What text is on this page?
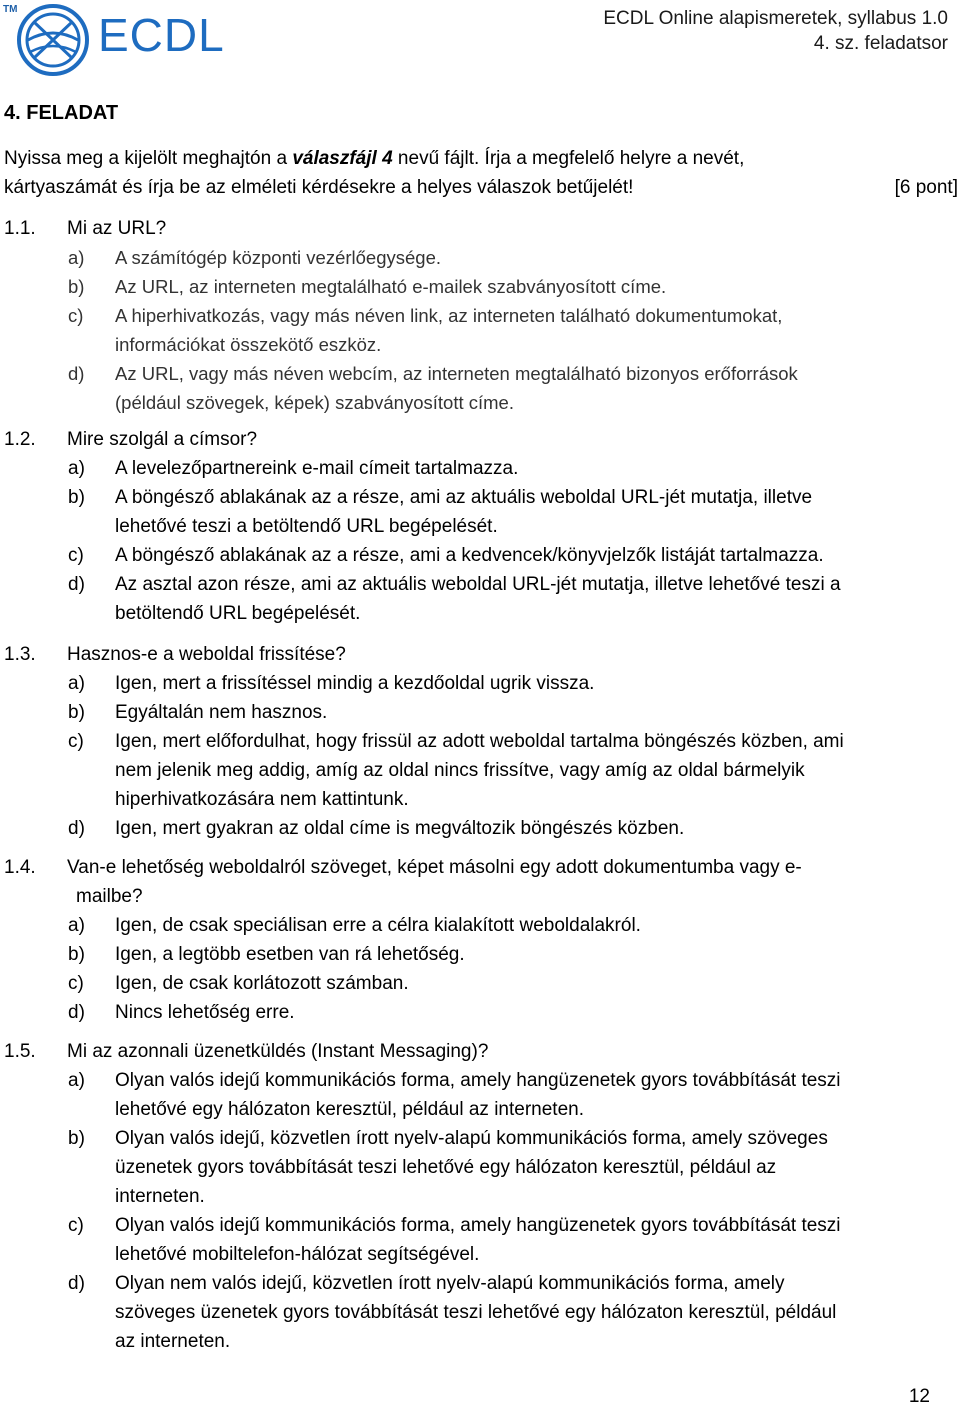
TM ECDL	ECDL Online alapismeretek, syllabus 1.0
4. sz. feladatsor
4. FELADAT
Nyissa meg a kijelölt meghajtón a válaszfájl 4 nevű fájlt. Írja a megfelelő helyre a nevét,
kártyaszámát és írja be az elméleti kérdésekre a helyes válaszok betűjelét!	[6 pont]
1.1.	Mi az URL?
a)	A számítógép központi vezérlőegysége.
b)	Az URL, az interneten megtalálható e-mailek szabványosított címe.
c)	A hiperhivatkozás, vagy más néven link, az interneten található dokumentumokat,
információkat összekötő eszköz.
d)	Az URL, vagy más néven webcím, az interneten megtalálható bizonyos erőforrások
(például szövegek, képek) szabványosított címe.
1.2.	Mire szolgál a címsor?
a)	A levelezőpartnereink e-mail címeit tartalmazza.
b)	A böngésző ablakának az a része, ami az aktuális weboldal URL-jét mutatja, illetve
lehetővé teszi a betöltendő URL begépelését.
c)	A böngésző ablakának az a része, ami a kedvencek/könyvjelzők listáját tartalmazza.
d)	Az asztal azon része, ami az aktuális weboldal URL-jét mutatja, illetve lehetővé teszi a
betöltendő URL begépelését.
1.3.	Hasznos-e a weboldal frissítése?
a)	Igen, mert a frissítéssel mindig a kezdőoldal ugrik vissza.
b)	Egyáltalán nem hasznos.
c)	Igen, mert előfordulhat, hogy frissül az adott weboldal tartalma böngészés közben, ami
nem jelenik meg addig, amíg az oldal nincs frissítve, vagy amíg az oldal bármelyik
hiperhivatkozására nem kattintunk.
d)	Igen, mert gyakran az oldal címe is megváltozik böngészés közben.
1.4.	Van-e lehetőség weboldalról szöveget, képet másolni egy adott dokumentumba vagy e-
mailbe?
a)	Igen, de csak speciálisan erre a célra kialakított weboldalakról.
b)	Igen, a legtöbb esetben van rá lehetőség.
c)	Igen, de csak korlátozott számban.
d)	Nincs lehetőség erre.
1.5.	Mi az azonnali üzenetküldés (Instant Messaging)?
a)	Olyan valós idejű kommunikációs forma, amely hangüzenetek gyors továbbítását teszi
lehetővé egy hálózaton keresztül, például az interneten.
b)	Olyan valós idejű, közvetlen írott nyelv-alapú kommunikációs forma, amely szöveges
üzenetek gyors továbbítását teszi lehetővé egy hálózaton keresztül, például az
interneten.
c)	Olyan valós idejű kommunikációs forma, amely hangüzenetek gyors továbbítását teszi
lehetővé mobiltelefon-hálózat segítségével.
d)	Olyan nem valós idejű, közvetlen írott nyelv-alapú kommunikációs forma, amely
szöveges üzenetek gyors továbbítását teszi lehetővé egy hálózaton keresztül, például
az interneten.
12
